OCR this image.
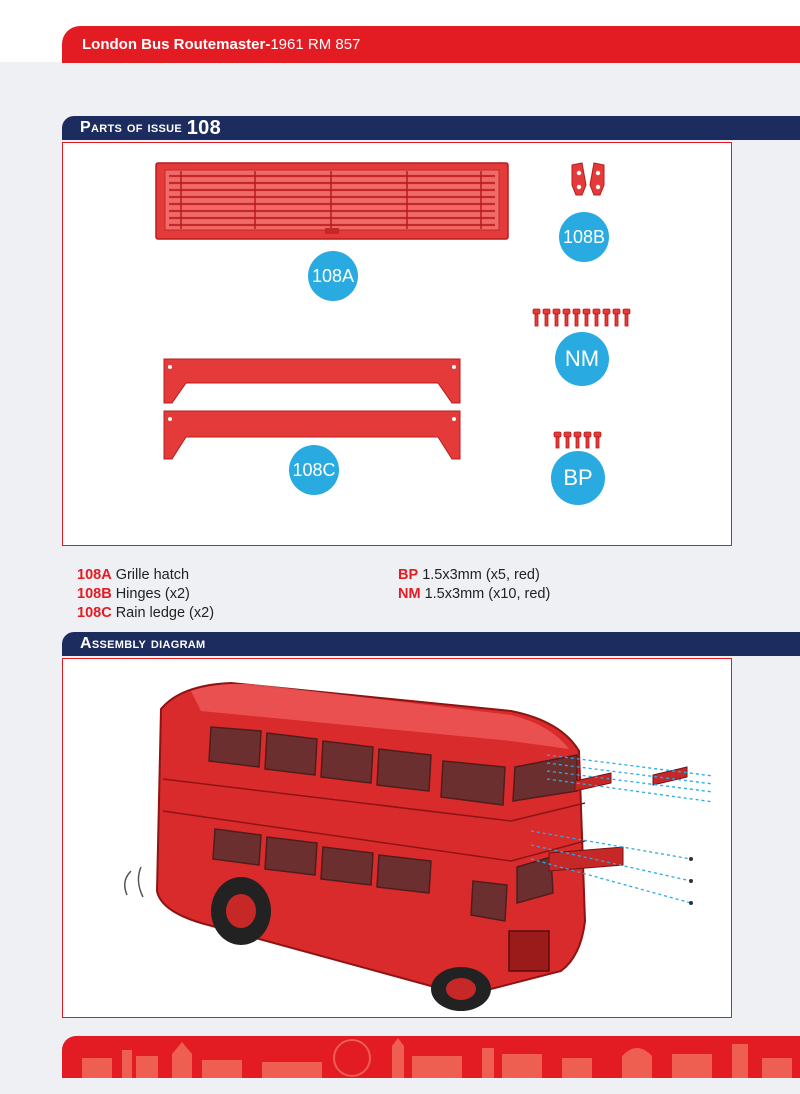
London Bus Routemaster- 1961 RM 857
Parts of issue
108
108A
108B
NM
BP
108C
108A Grille hatch
108B Hinges (x2)
108C Rain ledge (x2)
BP 1.5x3mm (x5, red)
NM 1.5x3mm (x10, red)
Assembly diagram
